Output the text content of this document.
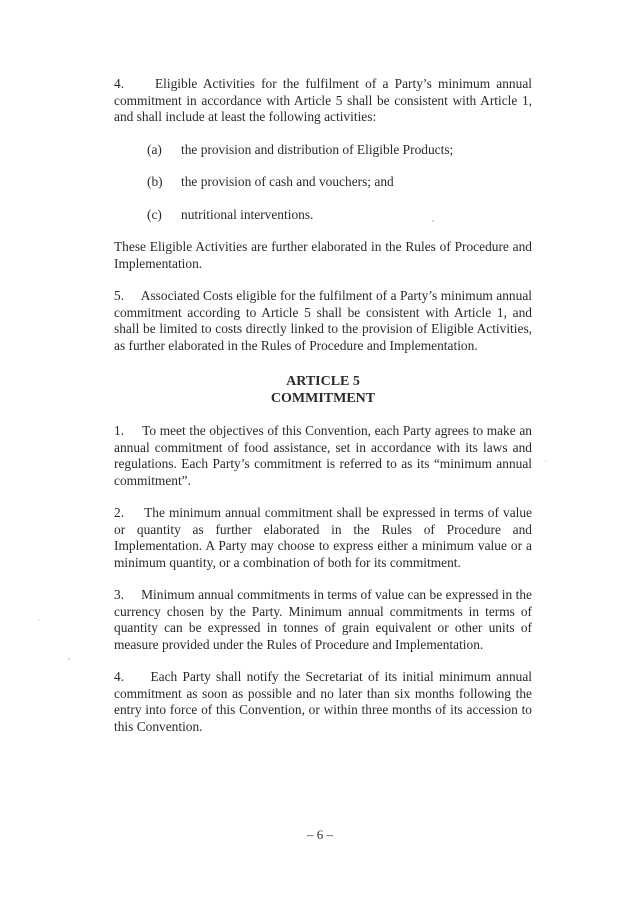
4.     Eligible Activities for the fulfilment of a Party’s minimum annual commitment in accordance with Article 5 shall be consistent with Article 1, and shall include at least the following activities:

(a)	the provision and distribution of Eligible Products;
(b)	the provision of cash and vouchers; and
(c)	nutritional interventions.

These Eligible Activities are further elaborated in the Rules of Procedure and Implementation.

5.     Associated Costs eligible for the fulfilment of a Party’s minimum annual commitment according to Article 5 shall be consistent with Article 1, and shall be limited to costs directly linked to the provision of Eligible Activities, as further elaborated in the Rules of Procedure and Implementation.

ARTICLE 5
COMMITMENT

1.     To meet the objectives of this Convention, each Party agrees to make an annual commitment of food assistance, set in accordance with its laws and regulations. Each Party’s commitment is referred to as its “minimum annual commitment”.

2.     The minimum annual commitment shall be expressed in terms of value or quantity as further elaborated in the Rules of Procedure and Implementation. A Party may choose to express either a minimum value or a minimum quantity, or a combination of both for its commitment.

3.     Minimum annual commitments in terms of value can be expressed in the currency chosen by the Party. Minimum annual commitments in terms of quantity can be expressed in tonnes of grain equivalent or other units of measure provided under the Rules of Procedure and Implementation.

4.     Each Party shall notify the Secretariat of its initial minimum annual commitment as soon as possible and no later than six months following the entry into force of this Convention, or within three months of its accession to this Convention.

– 6 –
